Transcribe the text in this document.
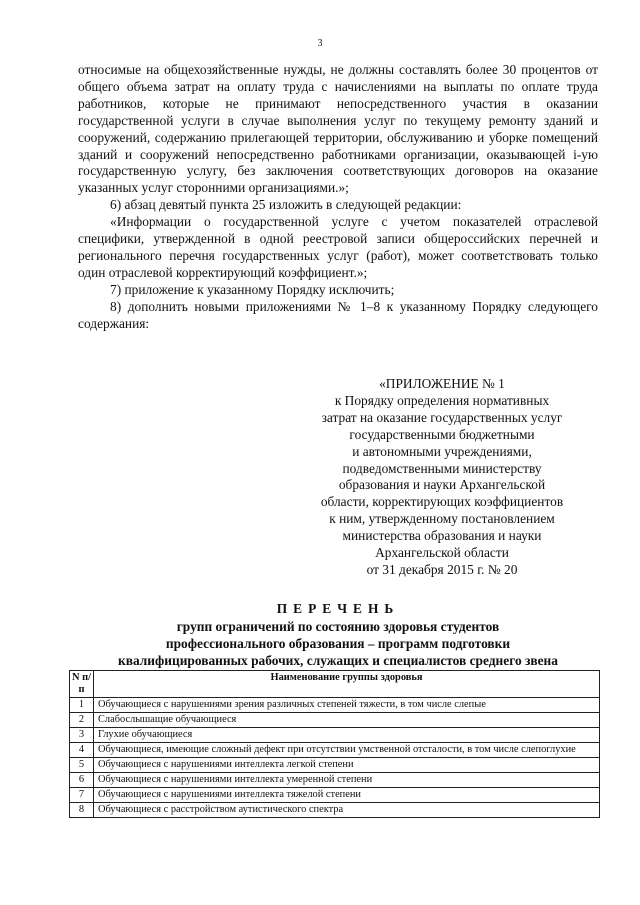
3

относимые на общехозяйственные нужды, не должны составлять более 30 процентов от общего объема затрат на оплату труда с начислениями на выплаты по оплате труда работников, которые не принимают непосредственного участия в оказании государственной услуги в случае выполнения услуг по текущему ремонту зданий и сооружений, содержанию прилегающей территории, обслуживанию и уборке помещений зданий и сооружений непосредственно работниками организации, оказывающей i-ую государственную услугу, без заключения соответствующих договоров на оказание указанных услуг сторонними организациями.»;

6) абзац девятый пункта 25 изложить в следующей редакции:

«Информации о государственной услуге с учетом показателей отраслевой специфики, утвержденной в одной реестровой записи общероссийских перечней и регионального перечня государственных услуг (работ), может соответствовать только один отраслевой корректирующий коэффициент.»;

7) приложение к указанному Порядку исключить;

8) дополнить новыми приложениями № 1–8 к указанному Порядку следующего содержания:

«ПРИЛОЖЕНИЕ № 1
к Порядку определения нормативных
затрат на оказание государственных услуг
государственными бюджетными
и автономными учреждениями,
подведомственными министерству
образования и науки Архангельской
области, корректирующих коэффициентов
к ним, утвержденному постановлением
министерства образования и науки
Архангельской области
от 31 декабря 2015 г. № 20
ПЕРЕЧЕНЬ
групп ограничений по состоянию здоровья студентов
профессионального образования – программ подготовки
квалифицированных рабочих, служащих и специалистов среднего звена
N п/п	Наименование группы здоровья
1	Обучающиеся с нарушениями зрения различных степеней тяжести, в том числе слепые
2	Слабослышащие обучающиеся
3	Глухие обучающиеся
4	Обучающиеся, имеющие сложный дефект при отсутствии умственной отсталости, в том числе слепоглухие
5	Обучающиеся с нарушениями интеллекта легкой степени
6	Обучающиеся с нарушениями интеллекта умеренной степени
7	Обучающиеся с нарушениями интеллекта тяжелой степени
8	Обучающиеся с расстройством аутистического спектра
